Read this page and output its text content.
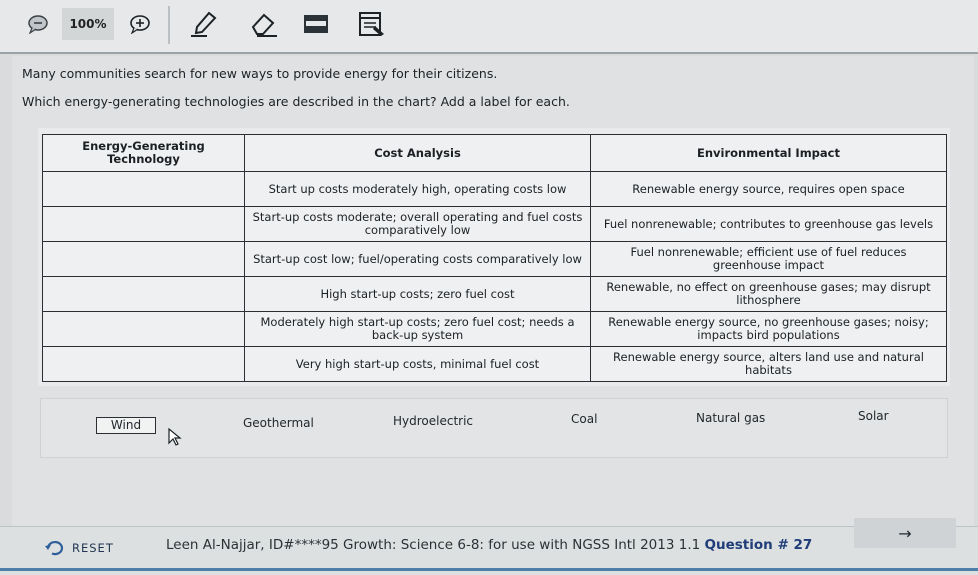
100%
Many communities search for new ways to provide energy for their citizens.
Which energy-generating technologies are described in the chart? Add a label for each.
Energy-Generating Technology	Cost Analysis	Environmental Impact
	Start up costs moderately high, operating costs low	Renewable energy source, requires open space
	Start-up costs moderate; overall operating and fuel costs comparatively low	Fuel nonrenewable; contributes to greenhouse gas levels
	Start-up cost low; fuel/operating costs comparatively low	Fuel nonrenewable; efficient use of fuel reduces greenhouse impact
	High start-up costs; zero fuel cost	Renewable, no effect on greenhouse gases; may disrupt lithosphere
	Moderately high start-up costs; zero fuel cost; needs a back-up system	Renewable energy source, no greenhouse gases; noisy; impacts bird populations
	Very high start-up costs, minimal fuel cost	Renewable energy source, alters land use and natural habitats
Wind	Geothermal	Hydroelectric	Coal	Natural gas	Solar
RESET	Leen Al-Najjar, ID#****95 Growth: Science 6-8: for use with NGSS Intl 2013 1.1 Question # 27
→
